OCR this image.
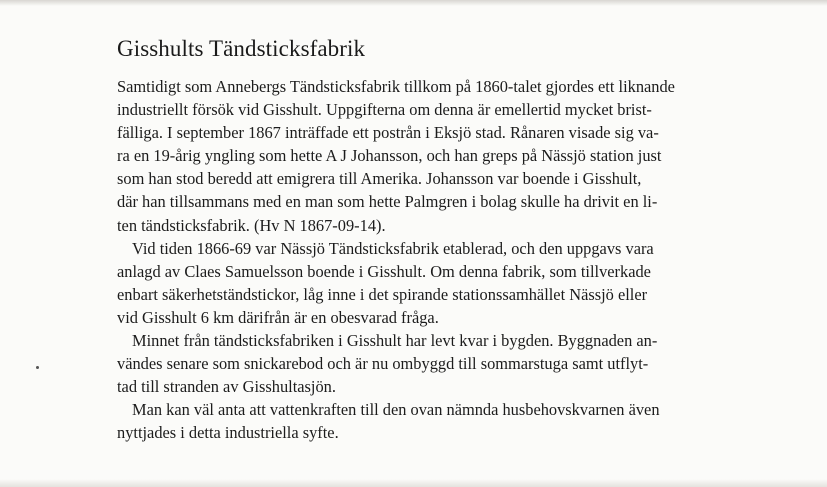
Gisshults Tändsticksfabrik
Samtidigt som Annebergs Tändsticksfabrik tillkom på 1860-talet gjordes ett liknande
industriellt försök vid Gisshult. Uppgifterna om denna är emellertid mycket brist-
fälliga. I september 1867 inträffade ett postrån i Eksjö stad. Rånaren visade sig va-
ra en 19-årig yngling som hette A J Johansson, och han greps på Nässjö station just
som han stod beredd att emigrera till Amerika. Johansson var boende i Gisshult,
där han tillsammans med en man som hette Palmgren i bolag skulle ha drivit en li-
ten tändsticksfabrik. (Hv N 1867-09-14).
Vid tiden 1866-69 var Nässjö Tändsticksfabrik etablerad, och den uppgavs vara
anlagd av Claes Samuelsson boende i Gisshult. Om denna fabrik, som tillverkade
enbart säkerhetständstickor, låg inne i det spirande stationssamhället Nässjö eller
vid Gisshult 6 km därifrån är en obesvarad fråga.
Minnet från tändsticksfabriken i Gisshult har levt kvar i bygden. Byggnaden an-
vändes senare som snickarebod och är nu ombyggd till sommarstuga samt utflyt-
tad till stranden av Gisshultasjön.
Man kan väl anta att vattenkraften till den ovan nämnda husbehovskvarnen även
nyttjades i detta industriella syfte.
